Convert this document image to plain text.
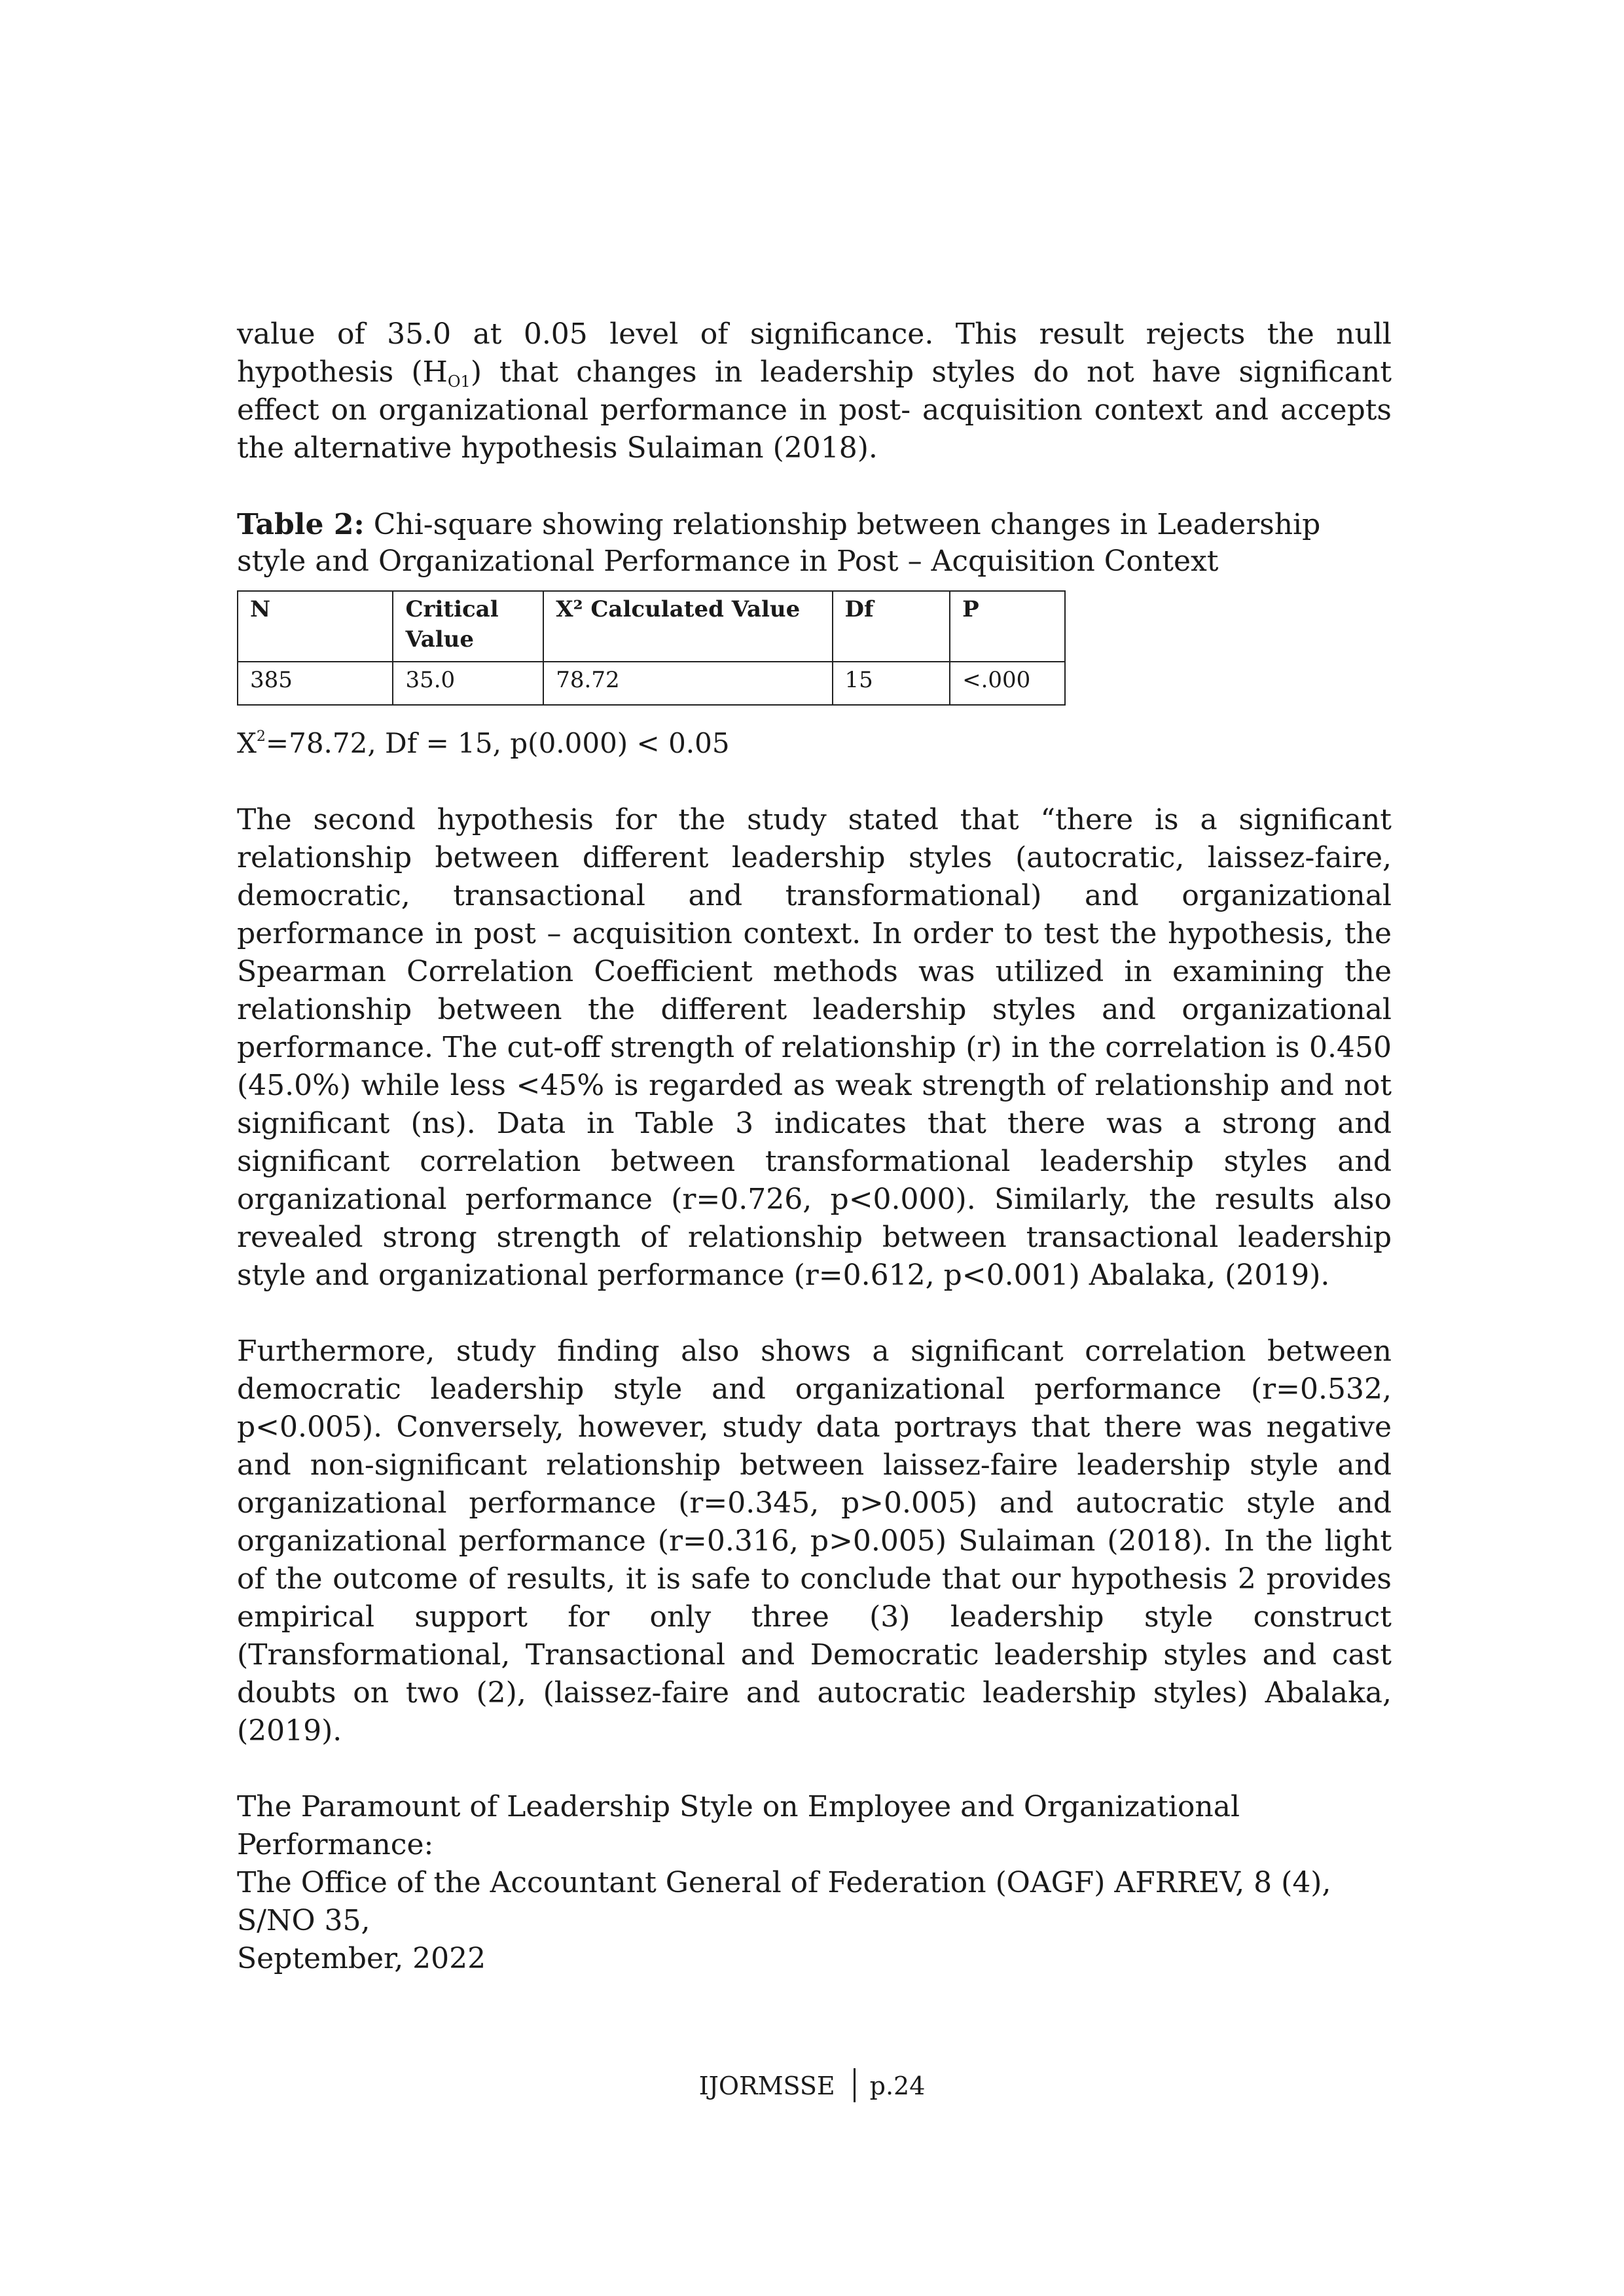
value of 35.0 at 0.05 level of significance. This result rejects the null hypothesis $(H_{O1})$ that changes in leadership styles do not have significant effect on organizational performance in post- acquisition context and accepts the alternative hypothesis Sulaiman (2018).

Table 2: Chi-square showing relationship between changes in Leadership style and Organizational Performance in Post – Acquisition Context

N	Critical Value	X² Calculated Value	Df	P
385	35.0	78.72	15	<.000

$X^2=78.72$, Df = 15, p(0.000) < 0.05

The second hypothesis for the study stated that “there is a significant relationship between different leadership styles (autocratic, laissez-faire, democratic, transactional and transformational) and organizational performance in post – acquisition context. In order to test the hypothesis, the Spearman Correlation Coefficient methods was utilized in examining the relationship between the different leadership styles and organizational performance. The cut-off strength of relationship (r) in the correlation is 0.450 (45.0%) while less <45% is regarded as weak strength of relationship and not significant (ns). Data in Table 3 indicates that there was a strong and significant correlation between transformational leadership styles and organizational performance (r=0.726, p<0.000). Similarly, the results also revealed strong strength of relationship between transactional leadership style and organizational performance (r=0.612, p<0.001) Abalaka, (2019).

Furthermore, study finding also shows a significant correlation between democratic leadership style and organizational performance (r=0.532, p<0.005). Conversely, however, study data portrays that there was negative and non-significant relationship between laissez-faire leadership style and organizational performance (r=0.345, p>0.005) and autocratic style and organizational performance (r=0.316, p>0.005) Sulaiman (2018). In the light of the outcome of results, it is safe to conclude that our hypothesis 2 provides empirical support for only three (3) leadership style construct (Transformational, Transactional and Democratic leadership styles and cast doubts on two (2), (laissez-faire and autocratic leadership styles) Abalaka, (2019).

The Paramount of Leadership Style on Employee and Organizational Performance:
The Office of the Accountant General of Federation (OAGF) AFRREV, 8 (4), S/NO 35,
September, 2022
IJORMSSE p.24
